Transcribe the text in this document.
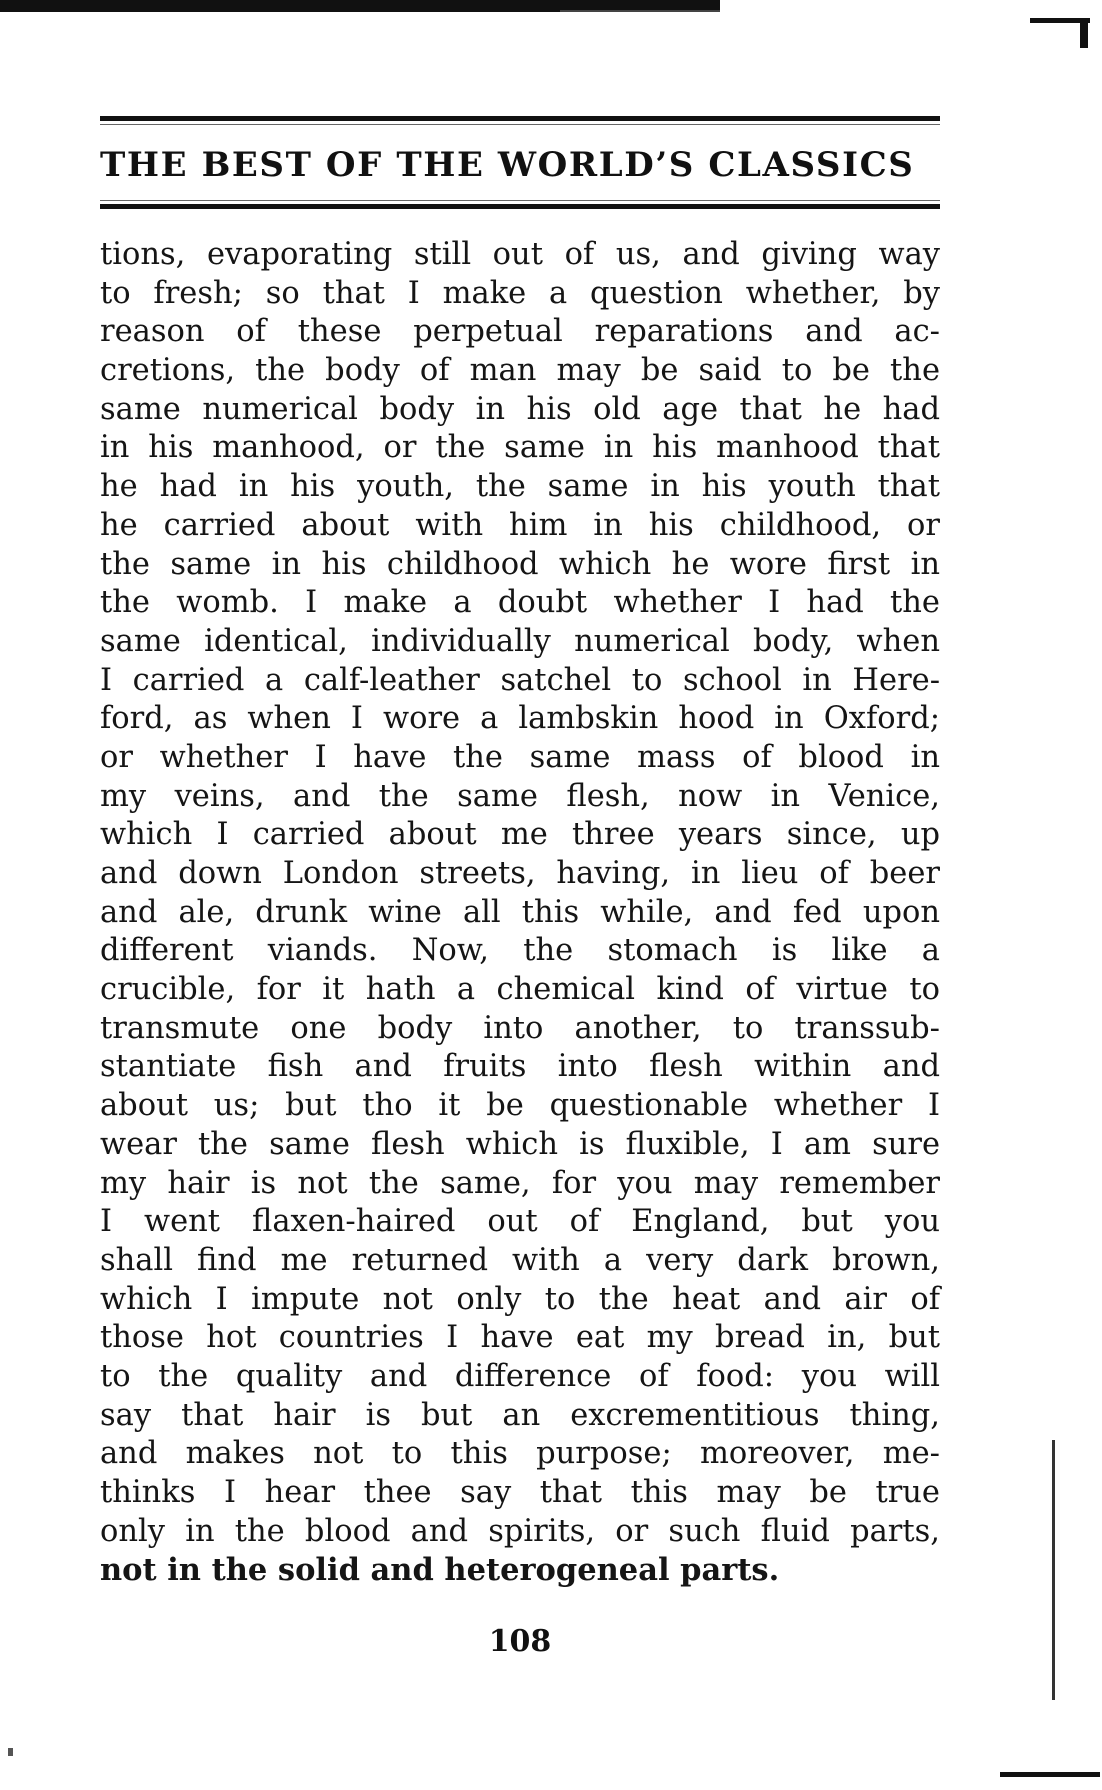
THE BEST OF THE WORLD’S CLASSICS
tions, evaporating still out of us, and giving way
to fresh; so that I make a question whether, by
reason of these perpetual reparations and ac-
cretions, the body of man may be said to be the
same numerical body in his old age that he had
in his manhood, or the same in his manhood that
he had in his youth, the same in his youth that
he carried about with him in his childhood, or
the same in his childhood which he wore first in
the womb. I make a doubt whether I had the
same identical, individually numerical body, when
I carried a calf-leather satchel to school in Here-
ford, as when I wore a lambskin hood in Oxford;
or whether I have the same mass of blood in
my veins, and the same flesh, now in Venice,
which I carried about me three years since, up
and down London streets, having, in lieu of beer
and ale, drunk wine all this while, and fed upon
different viands. Now, the stomach is like a
crucible, for it hath a chemical kind of virtue to
transmute one body into another, to transsub-
stantiate fish and fruits into flesh within and
about us; but tho it be questionable whether I
wear the same flesh which is fluxible, I am sure
my hair is not the same, for you may remember
I went flaxen-haired out of England, but you
shall find me returned with a very dark brown,
which I impute not only to the heat and air of
those hot countries I have eat my bread in, but
to the quality and difference of food: you will
say that hair is but an excrementitious thing,
and makes not to this purpose; moreover, me-
thinks I hear thee say that this may be true
only in the blood and spirits, or such fluid parts,
not in the solid and heterogeneal parts.

108
